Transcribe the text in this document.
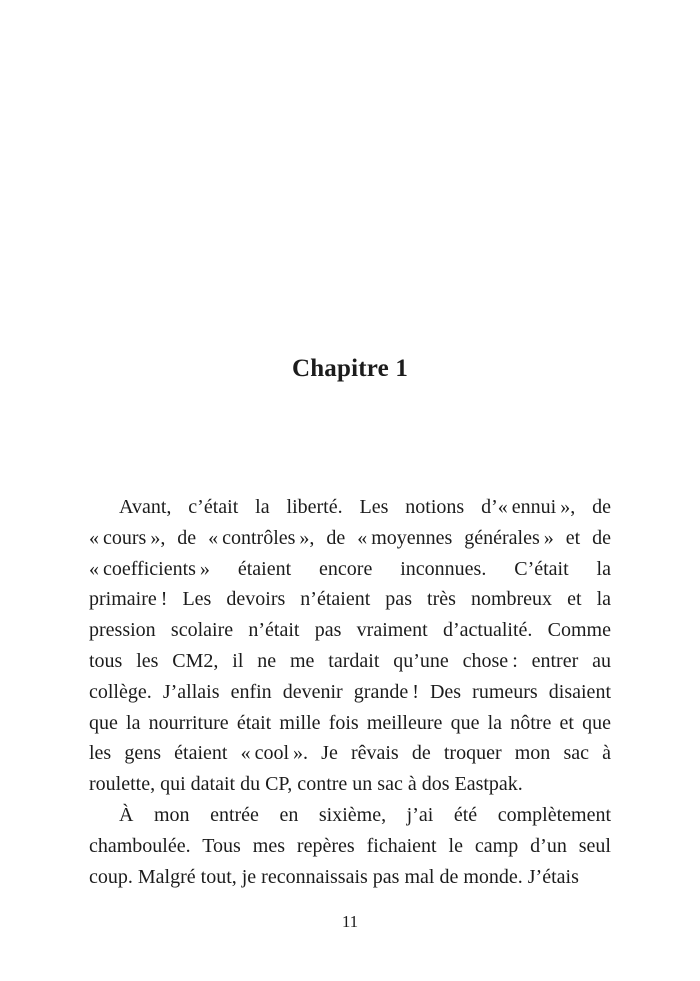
Chapitre 1
Avant, c’était la liberté. Les notions d’« ennui », de
« cours », de « contrôles », de « moyennes générales » et de
« coefficients » étaient encore inconnues. C’était la
primaire ! Les devoirs n’étaient pas très nombreux et la
pression scolaire n’était pas vraiment d’actualité. Comme
tous les CM2, il ne me tardait qu’une chose : entrer au
collège. J’allais enfin devenir grande ! Des rumeurs disaient
que la nourriture était mille fois meilleure que la nôtre et que
les gens étaient « cool ». Je rêvais de troquer mon sac à
roulette, qui datait du CP, contre un sac à dos Eastpak.
À mon entrée en sixième, j’ai été complètement
chamboulée. Tous mes repères fichaient le camp d’un seul
coup. Malgré tout, je reconnaissais pas mal de monde. J’étais
11
